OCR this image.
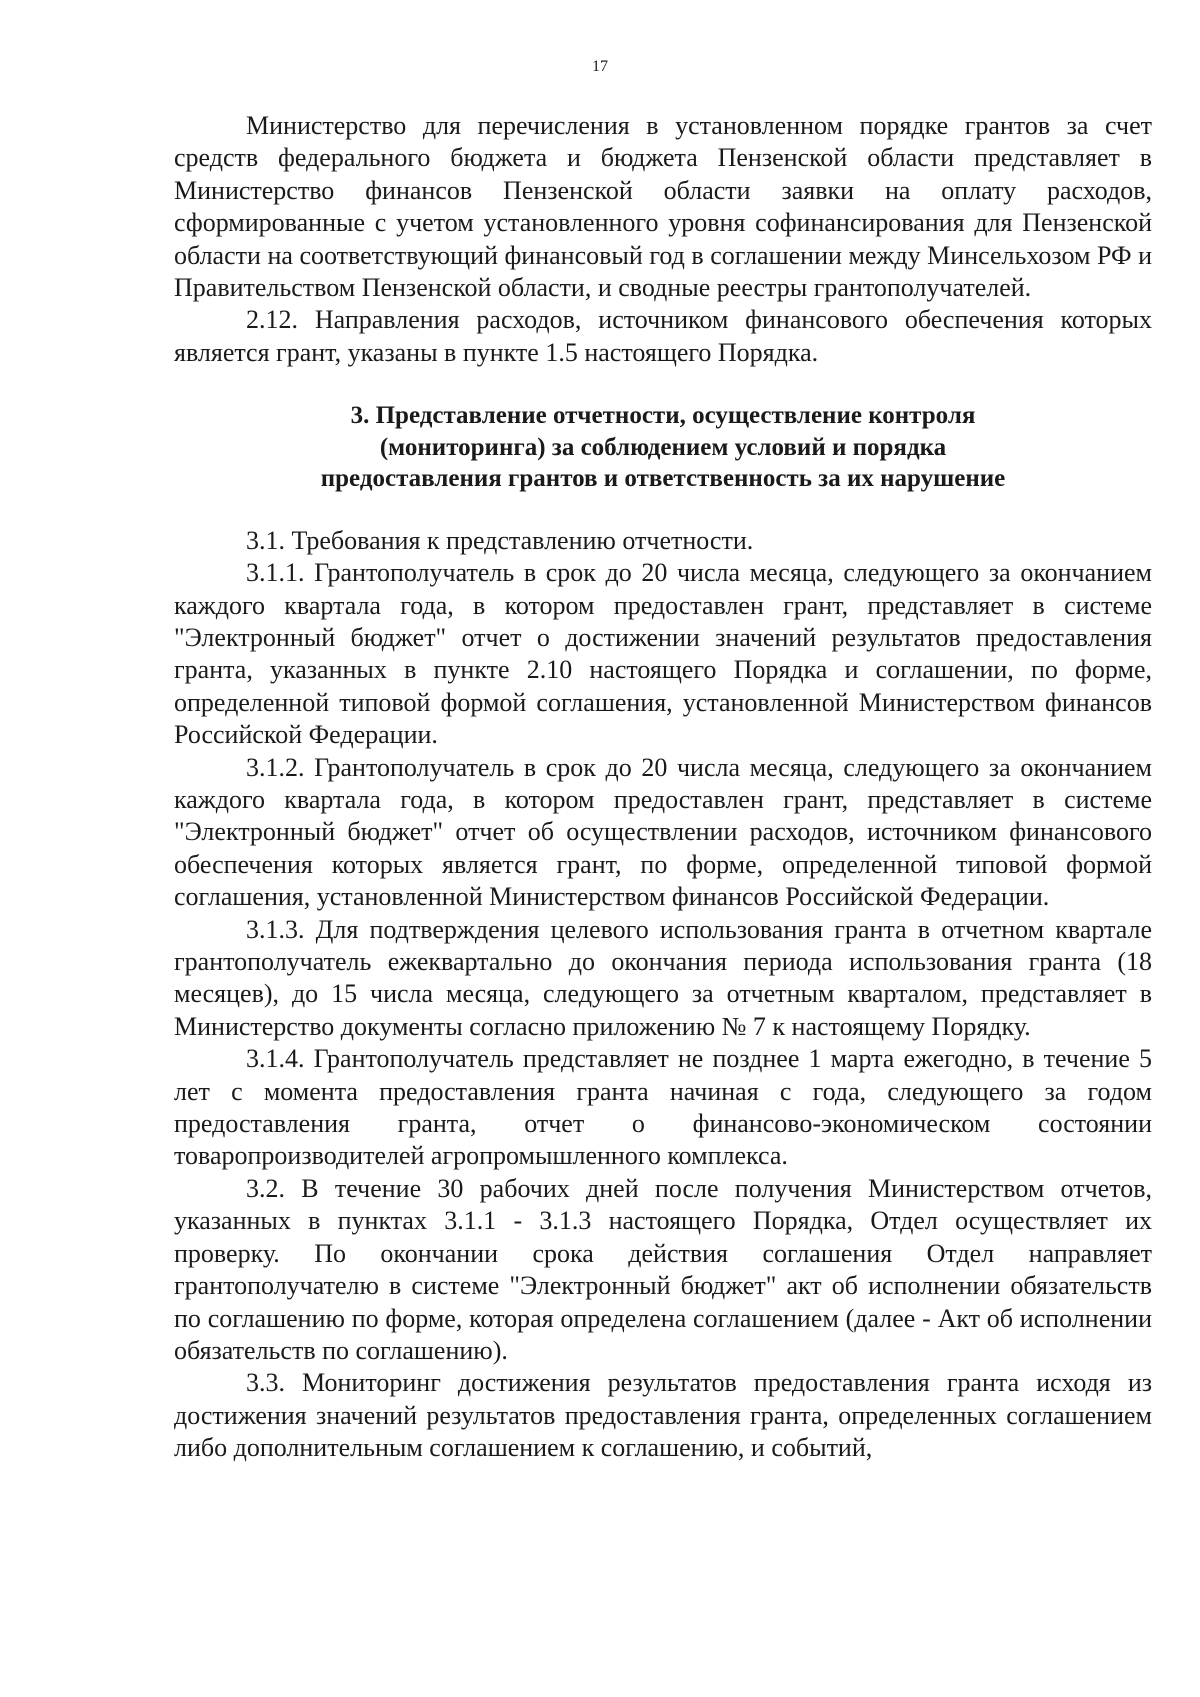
17

Министерство для перечисления в установленном порядке грантов за счет средств федерального бюджета и бюджета Пензенской области представляет в Министерство финансов Пензенской области заявки на оплату расходов, сформированные с учетом установленного уровня софинансирования для Пензенской области на соответствующий финансовый год в соглашении между Минсельхозом РФ и Правительством Пензенской области, и сводные реестры грантополучателей.

2.12. Направления расходов, источником финансового обеспечения которых является грант, указаны в пункте 1.5 настоящего Порядка.

3. Представление отчетности, осуществление контроля
(мониторинга) за соблюдением условий и порядка
предоставления грантов и ответственность за их нарушение

3.1. Требования к представлению отчетности.

3.1.1. Грантополучатель в срок до 20 числа месяца, следующего за окончанием каждого квартала года, в котором предоставлен грант, представляет в системе "Электронный бюджет" отчет о достижении значений результатов предоставления гранта, указанных в пункте 2.10 настоящего Порядка и соглашении, по форме, определенной типовой формой соглашения, установленной Министерством финансов Российской Федерации.

3.1.2. Грантополучатель в срок до 20 числа месяца, следующего за окончанием каждого квартала года, в котором предоставлен грант, представляет в системе "Электронный бюджет" отчет об осуществлении расходов, источником финансового обеспечения которых является грант, по форме, определенной типовой формой соглашения, установленной Министерством финансов Российской Федерации.

3.1.3. Для подтверждения целевого использования гранта в отчетном квартале грантополучатель ежеквартально до окончания периода использования гранта (18 месяцев), до 15 числа месяца, следующего за отчетным кварталом, представляет в Министерство документы согласно приложению № 7 к настоящему Порядку.

3.1.4. Грантополучатель представляет не позднее 1 марта ежегодно, в течение 5 лет с момента предоставления гранта начиная с года, следующего за годом предоставления гранта, отчет о финансово-экономическом состоянии товаропроизводителей агропромышленного комплекса.

3.2. В течение 30 рабочих дней после получения Министерством отчетов, указанных в пунктах 3.1.1 - 3.1.3 настоящего Порядка, Отдел осуществляет их проверку. По окончании срока действия соглашения Отдел направляет грантополучателю в системе "Электронный бюджет" акт об исполнении обязательств по соглашению по форме, которая определена соглашением (далее - Акт об исполнении обязательств по соглашению).

3.3. Мониторинг достижения результатов предоставления гранта исходя из достижения значений результатов предоставления гранта, определенных соглашением либо дополнительным соглашением к соглашению, и событий,
